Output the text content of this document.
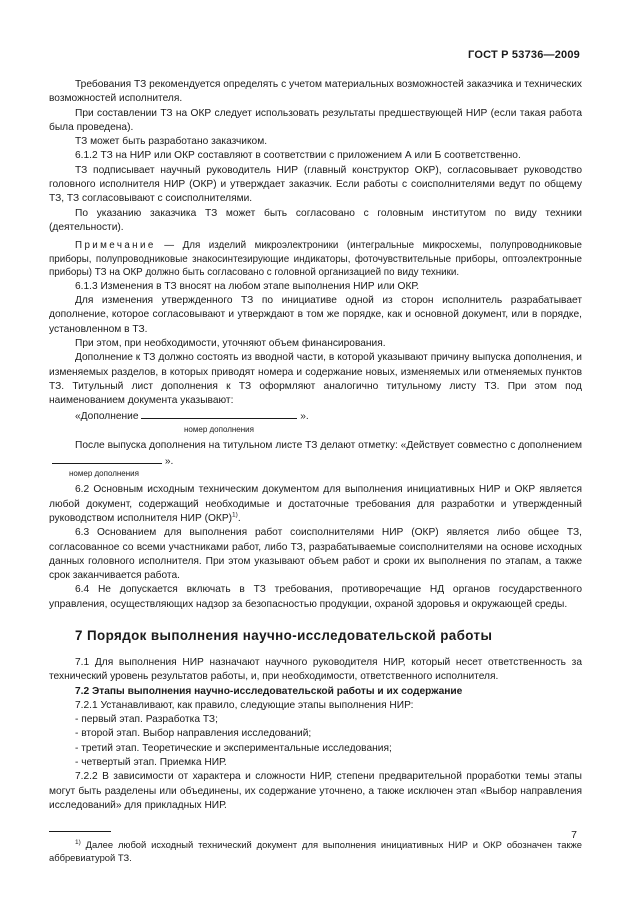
ГОСТ Р 53736—2009

Требования ТЗ рекомендуется определять с учетом материальных возможностей заказчика и технических возможностей исполнителя.

При составлении ТЗ на ОКР следует использовать результаты предшествующей НИР (если такая работа была проведена).

ТЗ может быть разработано заказчиком.

6.1.2 ТЗ на НИР или ОКР составляют в соответствии с приложением А или Б соответственно.

ТЗ подписывает научный руководитель НИР (главный конструктор ОКР), согласовывает руководство головного исполнителя НИР (ОКР) и утверждает заказчик. Если работы с соисполнителями ведут по общему ТЗ, ТЗ согласовывают с соисполнителями.

По указанию заказчика ТЗ может быть согласовано с головным институтом по виду техники (деятельности).

Примечание — Для изделий микроэлектроники (интегральные микросхемы, полупроводниковые приборы, полупроводниковые знакосинтезирующие индикаторы, фоточувствительные приборы, оптоэлектронные приборы) ТЗ на ОКР должно быть согласовано с головной организацией по виду техники.

6.1.3 Изменения в ТЗ вносят на любом этапе выполнения НИР или ОКР.

Для изменения утвержденного ТЗ по инициативе одной из сторон исполнитель разрабатывает дополнение, которое согласовывают и утверждают в том же порядке, как и основной документ, или в порядке, установленном в ТЗ.

При этом, при необходимости, уточняют объем финансирования.

Дополнение к ТЗ должно состоять из вводной части, в которой указывают причину выпуска дополнения, и изменяемых разделов, в которых приводят номера и содержание новых, изменяемых или отменяемых пунктов ТЗ. Титульный лист дополнения к ТЗ оформляют аналогично титульному листу ТЗ. При этом под наименованием документа указывают:

«Дополнение	».
номер дополнения

После выпуска дополнения на титульном листе ТЗ делают отметку: «Действует совместно с дополнением ».

номер дополнения

6.2 Основным исходным техническим документом для выполнения инициативных НИР и ОКР является любой документ, содержащий необходимые и достаточные требования для разработки и утвержденный руководством исполнителя НИР (ОКР)$^{1)}$.

6.3 Основанием для выполнения работ соисполнителями НИР (ОКР) является либо общее ТЗ, согласованное со всеми участниками работ, либо ТЗ, разрабатываемые соисполнителями на основе исходных данных головного исполнителя. При этом указывают объем работ и сроки их выполнения по этапам, а также срок заканчивается работа.

6.4 Не допускается включать в ТЗ требования, противоречащие НД органов государственного управления, осуществляющих надзор за безопасностью продукции, охраной здоровья и окружающей среды.

7 Порядок выполнения научно-исследовательской работы

7.1 Для выполнения НИР назначают научного руководителя НИР, который несет ответственность за технический уровень результатов работы, и, при необходимости, ответственного исполнителя.

7.2 Этапы выполнения научно-исследовательской работы и их содержание

7.2.1 Устанавливают, как правило, следующие этапы выполнения НИР:

- первый этап. Разработка ТЗ;

- второй этап. Выбор направления исследований;

- третий этап. Теоретические и экспериментальные исследования;

- четвертый этап. Приемка НИР.

7.2.2 В зависимости от характера и сложности НИР, степени предварительной проработки темы этапы могут быть разделены или объединены, их содержание уточнено, а также исключен этап «Выбор направления исследований» для прикладных НИР.

$^{1)}$ Далее любой исходный технический документ для выполнения инициативных НИР и ОКР обозначен также аббревиатурой ТЗ.

7
